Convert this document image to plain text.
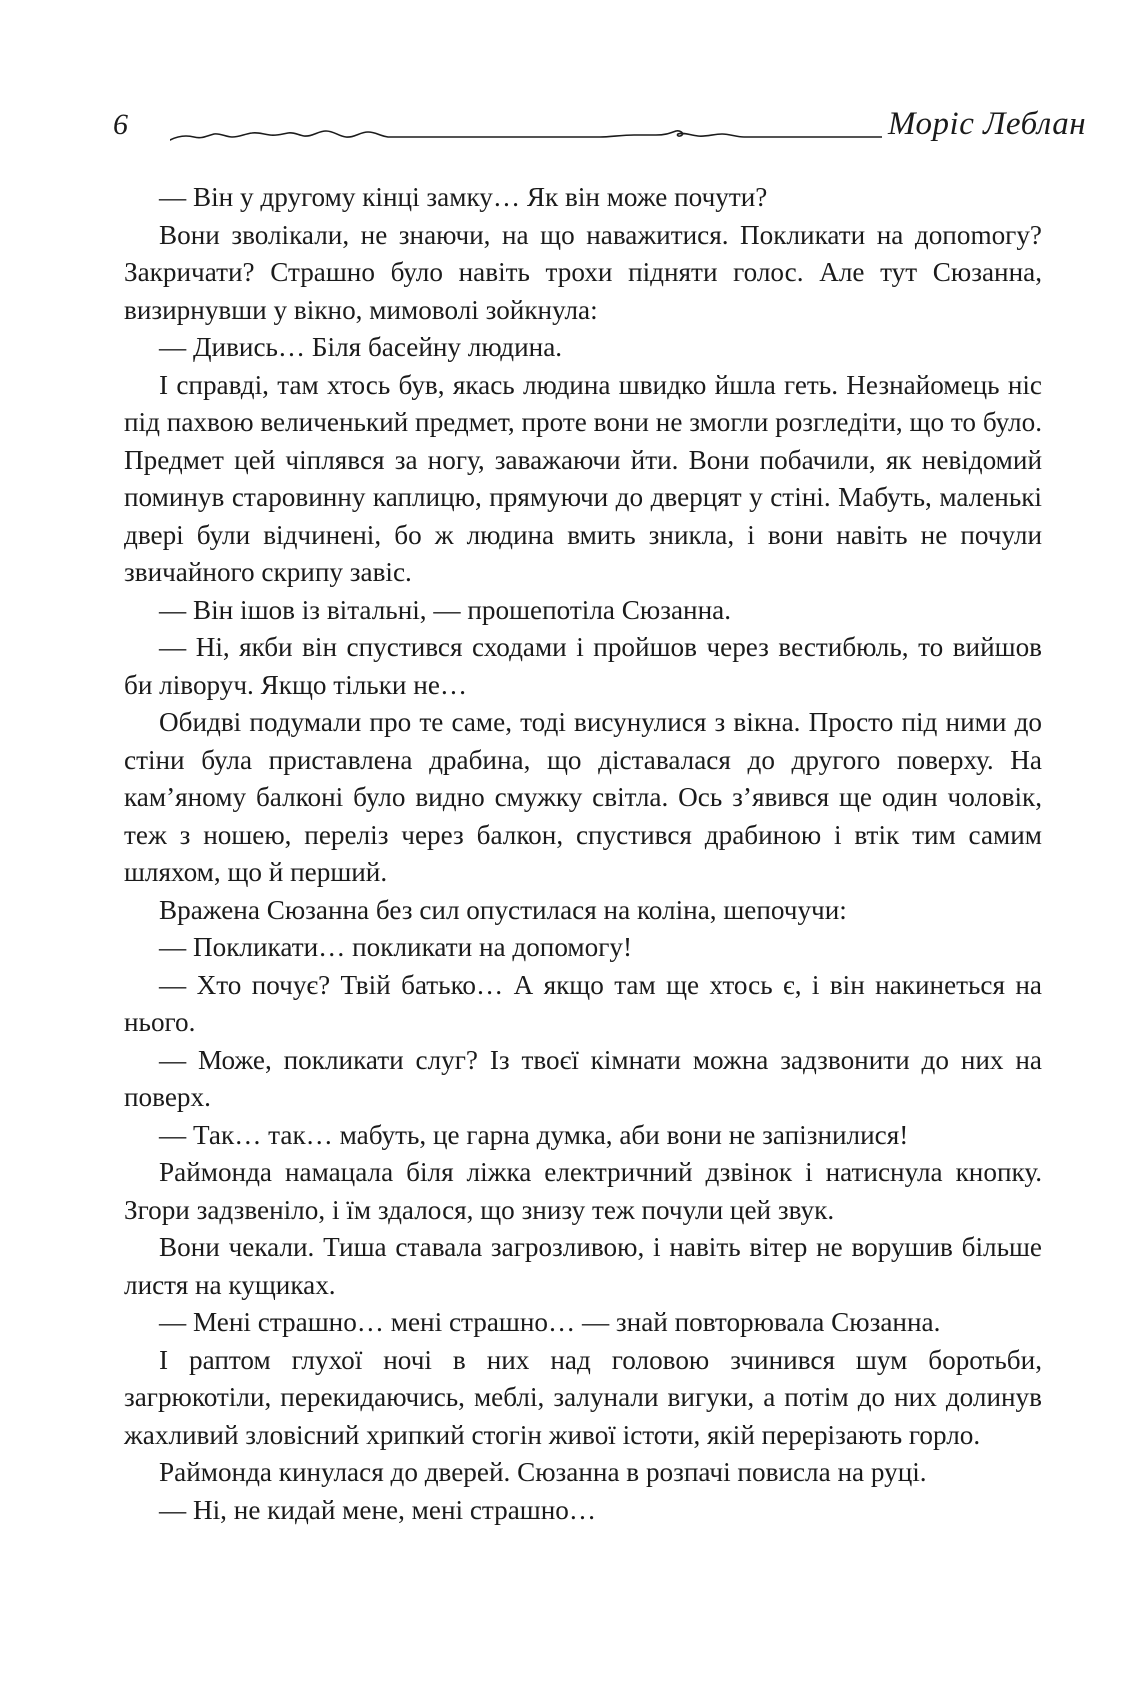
6	Моріс Леблан

— Він у другому кінці замку… Як він може почути?

Вони зволікали, не знаючи, на що наважитися. Покликати на допоmогу? Закричати? Страшно було навіть трохи підняти голос. Але тут Сюзанна, визирнувши у вікно, мимоволі зойкнула:

— Дивись… Біля басейну людина.

І справді, там хтось був, якась людина швидко йшла геть. Незнайомець ніс під пахвою величенький предмет, проте вони не змогли розгледіти, що то було. Предмет цей чіплявся за ногу, заважаючи йти. Вони побачили, як невідомий поминув старовинну каплицю, прямуючи до дверцят у стіні. Мабуть, маленькі двері були відчинені, бо ж людина вмить зникла, і вони навіть не почули звичайного скрипу завіс.

— Він ішов із вітальні, — прошепотіла Сюзанна.

— Ні, якби він спустився сходами і пройшов через вестибюль, то вийшов би ліворуч. Якщо тільки не…

Обидві подумали про те саме, тоді висунулися з вікна. Просто під ними до стіни була приставлена драбина, що діставалася до другого поверху. На кам’яному балконі було видно смужку світла. Ось з’явився ще один чоловік, теж з ношею, переліз через балкон, спустився драбиною і втік тим самим шляхом, що й перший.

Вражена Сюзанна без сил опустилася на коліна, шепочучи:

— Покликати… покликати на допомогу!

— Хто почує? Твій батько… А якщо там ще хтось є, і він накинеться на нього.

— Може, покликати слуг? Із твоєї кімнати можна задзвонити до них на поверх.

— Так… так… мабуть, це гарна думка, аби вони не запізнилися!

Раймонда намацала біля ліжка електричний дзвінок і натиснула кнопку. Згори задзвеніло, і їм здалося, що знизу теж почули цей звук.

Вони чекали. Тиша ставала загрозливою, і навіть вітер не ворушив більше листя на кущиках.

— Мені страшно… мені страшно… — знай повторювала Сюзанна.

І раптом глухої ночі в них над головою зчинився шум боротьби, загрюкотіли, перекидаючись, меблі, залунали вигуки, а потім до них долинув жахливий зловісний хрипкий стогін живої істоти, якій перерізають горло.

Раймонда кинулася до дверей. Сюзанна в розпачі повисла на руці.

— Ні, не кидай мене, мені страшно…
